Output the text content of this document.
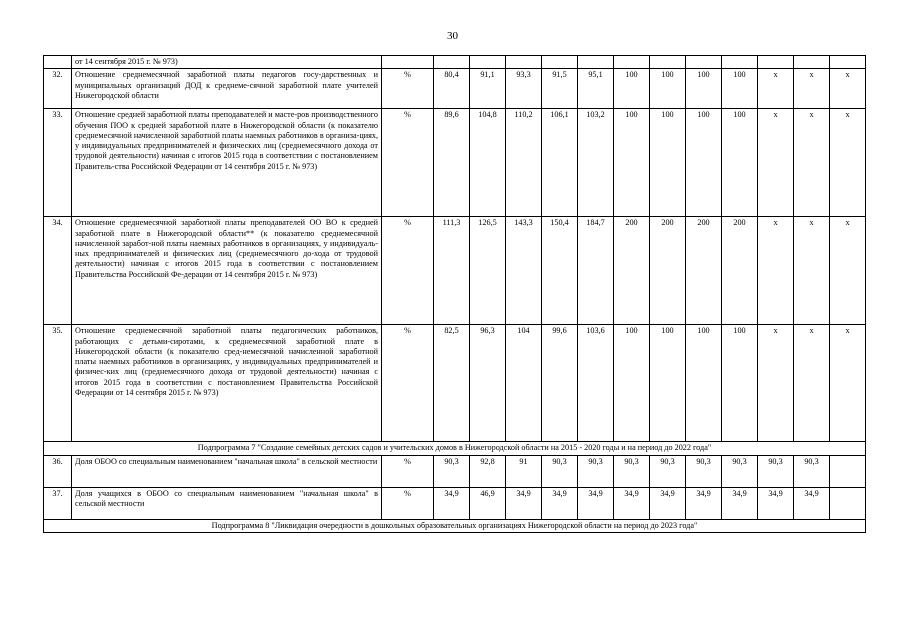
30
	от 14 сентября 2015 г. № 973)													
32.	Отношение среднемесячной заработной платы педагогов госу-дарственных и муниципальных организаций ДОД к среднеме-сячной заработной плате учителей Нижегородской области	%	80,4	91,1	93,3	91,5	95,1	100	100	100	100	x	x	x
33.	Отношение средней заработной платы преподавателей и масте-ров производственного обучения ПОО к средней заработной плате в Нижегородской области (к показателю среднемесячной начисленной заработной платы наемных работников в организа-циях, у индивидуальных предпринимателей и физических лиц (среднемесячного дохода от трудовой деятельности) начиная с итогов 2015 года в соответствии с постановлением Правитель-ства Российской Федерации от 14 сентября 2015 г. № 973)	%	89,6	104,8	110,2	106,1	103,2	100	100	100	100	x	x	x
34.	Отношение среднемесячной заработной платы преподавателей ОО ВО к средней заработной плате в Нижегородской области** (к показателю среднемесячной начисленной заработ-ной платы наемных работников в организациях, у индивидуаль-ных предпринимателей и физических лиц (среднемесячного до-хода от трудовой деятельности) начиная с итогов 2015 года в соответствии с постановлением Правительства Российской Фе-дерации от 14 сентября 2015 г. № 973)	%	111,3	126,5	143,3	150,4	184,7	200	200	200	200	x	x	x
35.	Отношение среднемесячной заработной платы педагогических работников, работающих с детьми-сиротами, к среднемесячной заработной плате в Нижегородской области (к показателю сред-немесячной начисленной заработной платы наемных работников в организациях, у индивидуальных предпринимателей и физичес-ких лиц (среднемесячного дохода от трудовой деятельности) начиная с итогов 2015 года в соответствии с постановлением Правительства Российской Федерации от 14 сентября 2015 г. № 973)	%	82,5	96,3	104	99,6	103,6	100	100	100	100	x	x	x
Подпрограмма 7 "Создание семейных детских садов и учительских домов в Нижегородской области на 2015 - 2020 годы и на период до 2022 года"														
36.	Доля ОБОО со специальным наименованием "начальная школа" в сельской местности	%	90,3	92,8	91	90,3	90,3	90,3	90,3	90,3	90,3	90,3	90,3	
37.	Доля учащихся в ОБОО со специальным наименованием "начальная школа" в сельской местности	%	34,9	46,9	34,9	34,9	34,9	34,9	34,9	34,9	34,9	34,9	34,9	
Подпрограмма 8 "Ликвидация очередности в дошкольных образовательных организациях Нижегородской области на период до 2023 года"														
